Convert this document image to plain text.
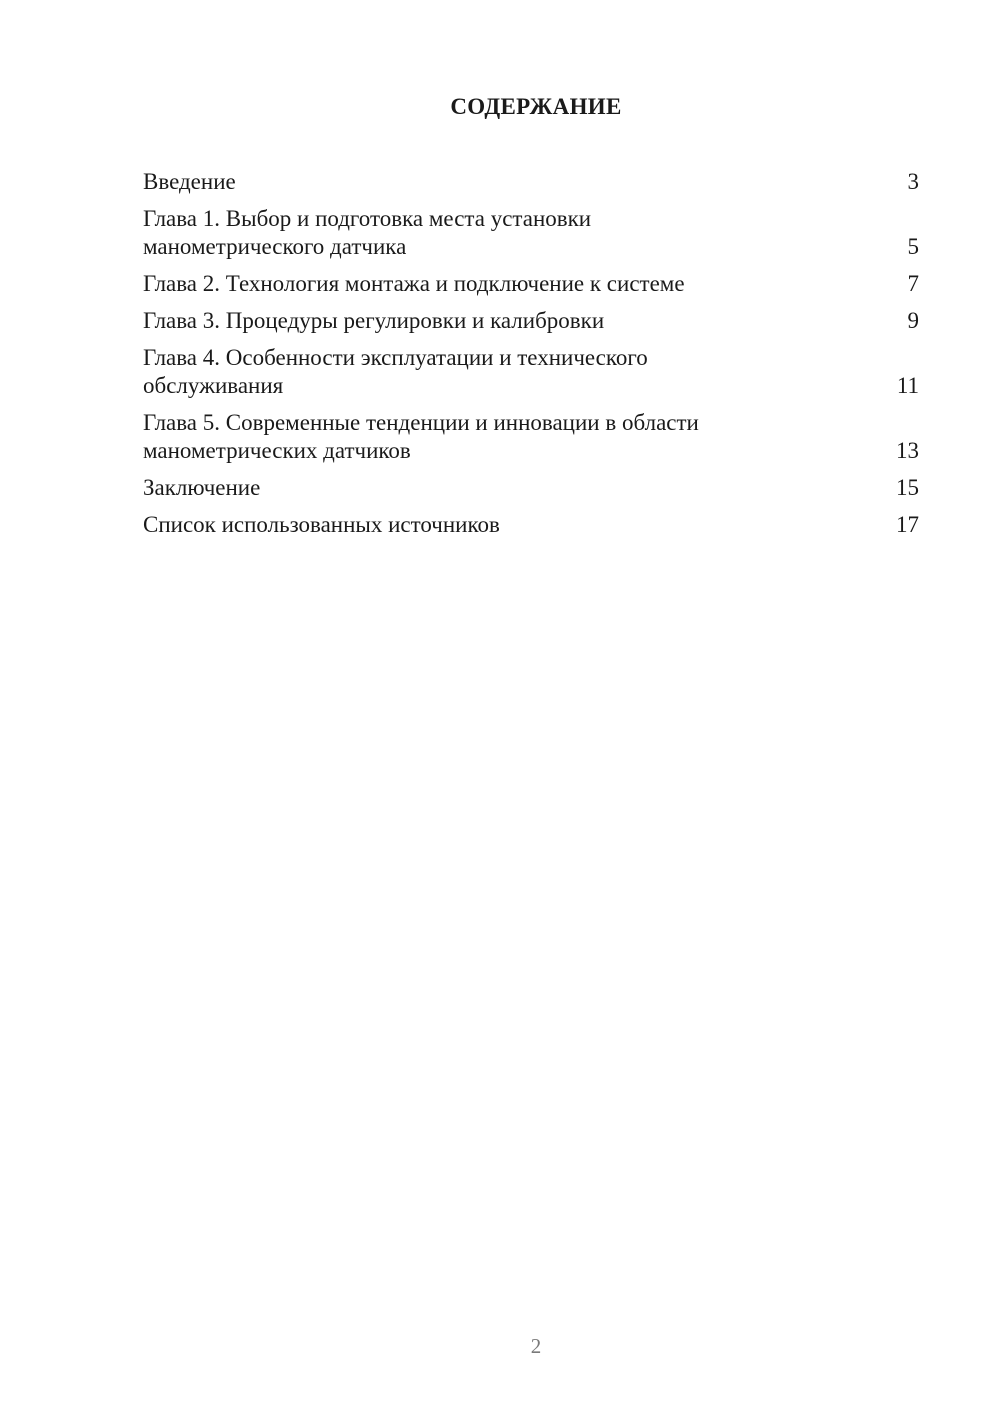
СОДЕРЖАНИЕ
Введение	3
Глава 1. Выбор и подготовка места установки манометрического датчика	5
Глава 2. Технология монтажа и подключение к системе	7
Глава 3. Процедуры регулировки и калибровки	9
Глава 4. Особенности эксплуатации и технического обслуживания	11
Глава 5. Современные тенденции и инновации в области манометрических датчиков	13
Заключение	15
Список использованных источников	17
2
